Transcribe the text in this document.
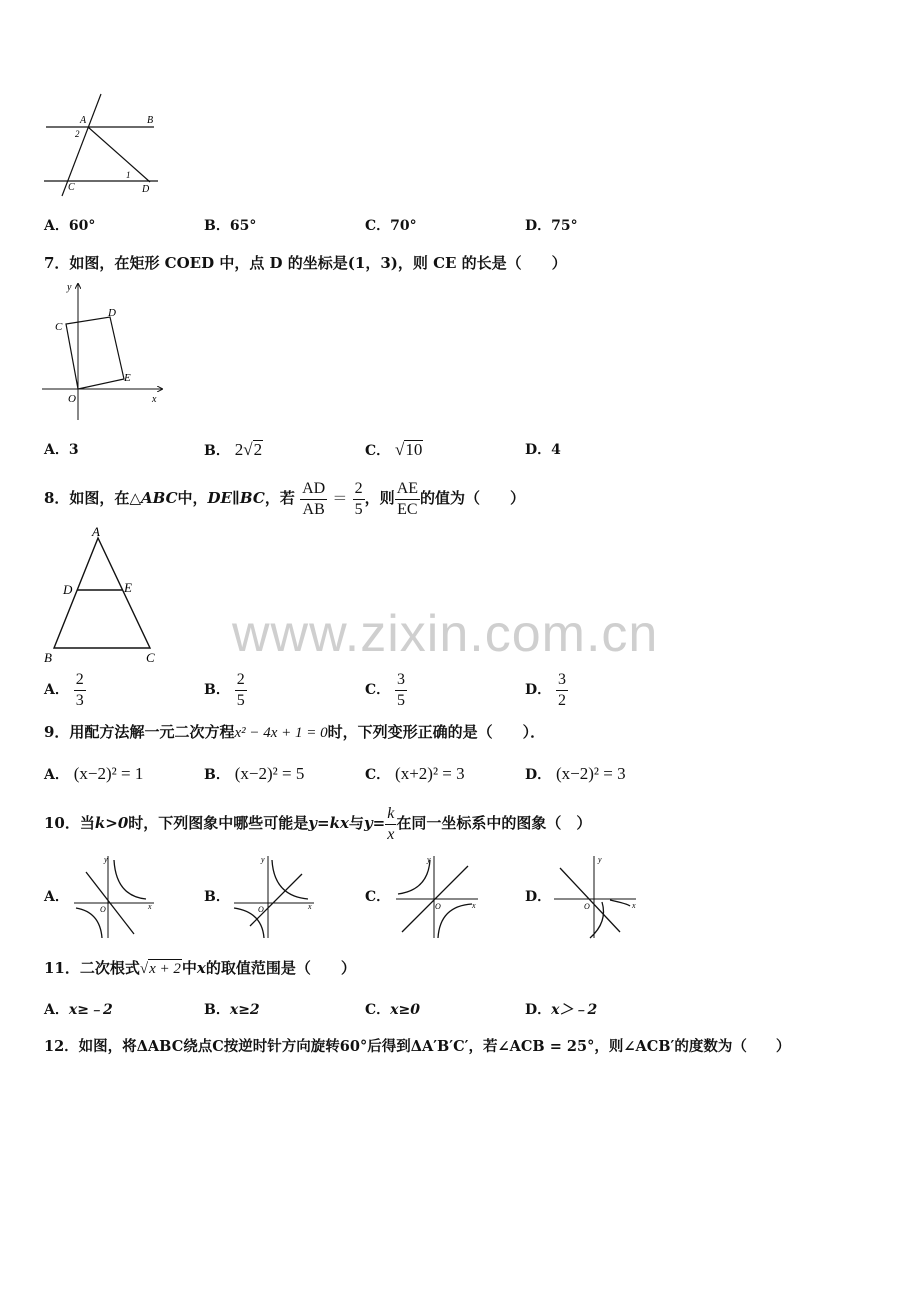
A	B
C	D
2
1
A．60°	B．65°	C．70°	D．75°
7．如图，在矩形 COED 中，点 D 的坐标是(1，3)，则 CE 的长是（　　）
y
x
O
C
D
E
A．3	B． 2√2	C． √10	D．4
8．如图，在△ABC中，DE∥BC，若 $\frac{AD}{AB} = \frac{2}{5}$ ，则 $\frac{AE}{EC}$ 的值为（　　）
A
B	C
D	E
A． $\frac{2}{3}$	B． $\frac{2}{5}$	C． $\frac{3}{5}$	D． $\frac{3}{2}$
9．用配方法解一元二次方程x² − 4x + 1 = 0时，下列变形正确的是（　　）．
A． (x−2)² = 1	B． (x−2)² = 5	C． (x+2)² = 3	D． (x−2)² = 3
10．当k>0时，下列图象中哪些可能是y=kx与$y= \frac{k}{x}$ 在同一坐标系中的图象（　）
A．
y
x
O
B．
y
x
O
C．
y
x
O
D．
y
x
O
11．二次根式√x + 2中x的取值范围是（　　）
A．x≥﹣2	B．x≥2	C．x≥0	D．x＞﹣2
12．如图，将ΔABC绕点C按逆时针方向旋转60°后得到ΔA′B′C′，若∠ACB = 25°，则∠ACB′的度数为（　　）
www.zixin.com.cn
